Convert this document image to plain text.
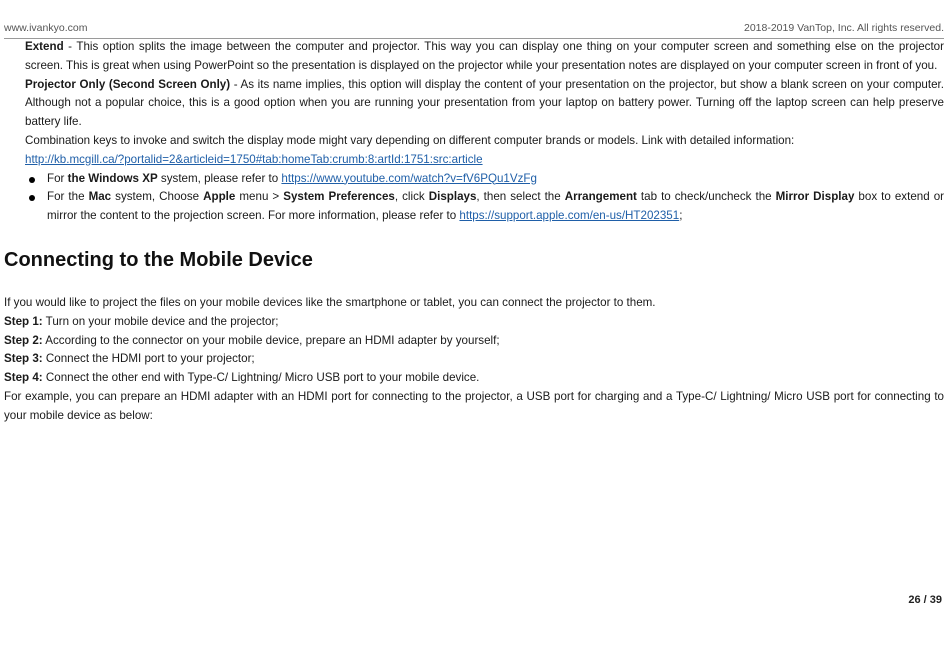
www.ivankyo.com	2018-2019 VanTop, Inc. All rights reserved.

Extend - This option splits the image between the computer and projector. This way you can display one thing on your computer screen and something else on the projector screen. This is great when using PowerPoint so the presentation is displayed on the projector while your presentation notes are displayed on your computer screen in front of you.

Projector Only (Second Screen Only) - As its name implies, this option will display the content of your presentation on the projector, but show a blank screen on your computer. Although not a popular choice, this is a good option when you are running your presentation from your laptop on battery power. Turning off the laptop screen can help preserve battery life.

Combination keys to invoke and switch the display mode might vary depending on different computer brands or models. Link with detailed information:
http://kb.mcgill.ca/?portalid=2&articleid=1750#tab:homeTab:crumb:8:artId:1751:src:article

For the Windows XP system, please refer to https://www.youtube.com/watch?v=fV6PQu1VzFg

For the Mac system, Choose Apple menu > System Preferences, click Displays, then select the Arrangement tab to check/uncheck the Mirror Display box to extend or mirror the content to the projection screen. For more information, please refer to https://support.apple.com/en-us/HT202351;

Connecting to the Mobile Device

If you would like to project the files on your mobile devices like the smartphone or tablet, you can connect the projector to them.

Step 1: Turn on your mobile device and the projector;

Step 2: According to the connector on your mobile device, prepare an HDMI adapter by yourself;

Step 3: Connect the HDMI port to your projector;

Step 4: Connect the other end with Type-C/ Lightning/ Micro USB port to your mobile device.

For example, you can prepare an HDMI adapter with an HDMI port for connecting to the projector, a USB port for charging and a Type-C/ Lightning/ Micro USB port for connecting to your mobile device as below:

26 / 39
